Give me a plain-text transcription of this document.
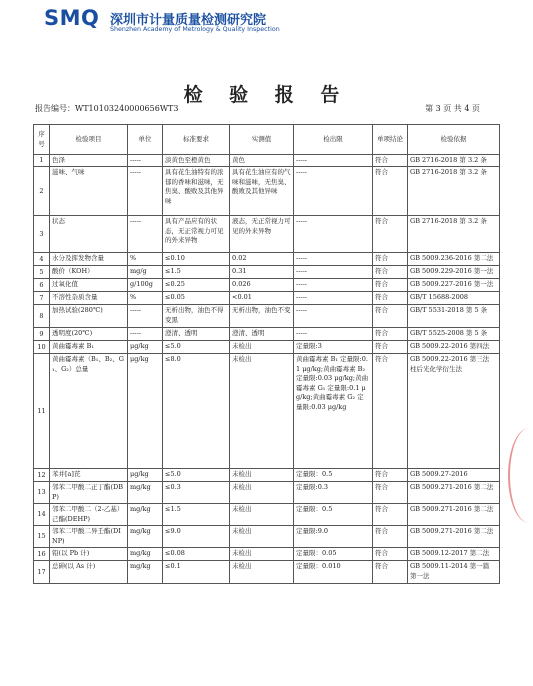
SMQ 深圳市计量质量检测研究院
Shenzhen Academy of Metrology & Quality Inspection
检 验 报 告
报告编号：WT10103240000656WT3	第 3 页 共 4 页
序号	检验项目	单位	标准要求	实测值	检出限	单项结论	检验依据
1	色泽	-----	淡黄色至橙黄色	黄色	-----	符合	GB 2716-2018 第 3.2 条
2	滋味、气味	-----	具有花生油特有的浓郁的香味和滋味，无焦臭、酸败及其他异味	具有花生油应有的气味和滋味，无焦臭、酸败及其他异味	-----	符合	GB 2716-2018 第 3.2 条
3	状态	-----	具有产品应有的状态，无正常视力可见的外来异物	液态，无正常视力可见的外来异物	-----	符合	GB 2716-2018 第 3.2 条
4	水分及挥发物含量	%	≤0.10	0.02	-----	符合	GB 5009.236-2016 第二法
5	酸价（KOH）	mg/g	≤1.5	0.31	-----	符合	GB 5009.229-2016 第一法
6	过氧化值	g/100g	≤0.25	0.026	-----	符合	GB 5009.227-2016 第一法
7	不溶性杂质含量	%	≤0.05	<0.01	-----	符合	GB/T 15688-2008
8	加热试验(280℃)	-----	无析出物，油色不得变黑	无析出物，油色不变	-----	符合	GB/T 5531-2018 第 5 条
9	透明度(20℃)	-----	澄清、透明	澄清、透明	-----	符合	GB/T 5525-2008 第 5 条
10	黄曲霉毒素 B₁	μg/kg	≤5.0	未检出	定量限:3	符合	GB 5009.22-2016 第四法
11	黄曲霉毒素（B₁、B₂、G₁、G₂）总量	μg/kg	≤8.0	未检出	黄曲霉毒素 B₁ 定量限:0.1 μg/kg;黄曲霉毒素 B₂ 定量限:0.03 μg/kg;黄曲霉毒素 G₁ 定量限:0.1 μg/kg;黄曲霉毒素 G₂ 定量限:0.03 μg/kg	符合	GB 5009.22-2016 第三法 柱后光化学衍生法
12	苯并[a]芘	μg/kg	≤5.0	未检出	定量限：0.5	符合	GB 5009.27-2016
13	邻苯二甲酸二正丁酯(DBP)	mg/kg	≤0.3	未检出	定量限:0.3	符合	GB 5009.271-2016 第二法
14	邻苯二甲酸二（2-乙基）己酯(DEHP)	mg/kg	≤1.5	未检出	定量限：0.5	符合	GB 5009.271-2016 第二法
15	邻苯二甲酸二异壬酯(DINP)	mg/kg	≤9.0	未检出	定量限:9.0	符合	GB 5009.271-2016 第二法
16	铅(以 Pb 计)	mg/kg	≤0.08	未检出	定量限：0.05	符合	GB 5009.12-2017 第二法
17	总砷(以 As 计)	mg/kg	≤0.1	未检出	定量限：0.010	符合	GB 5009.11-2014 第一篇 第一法
